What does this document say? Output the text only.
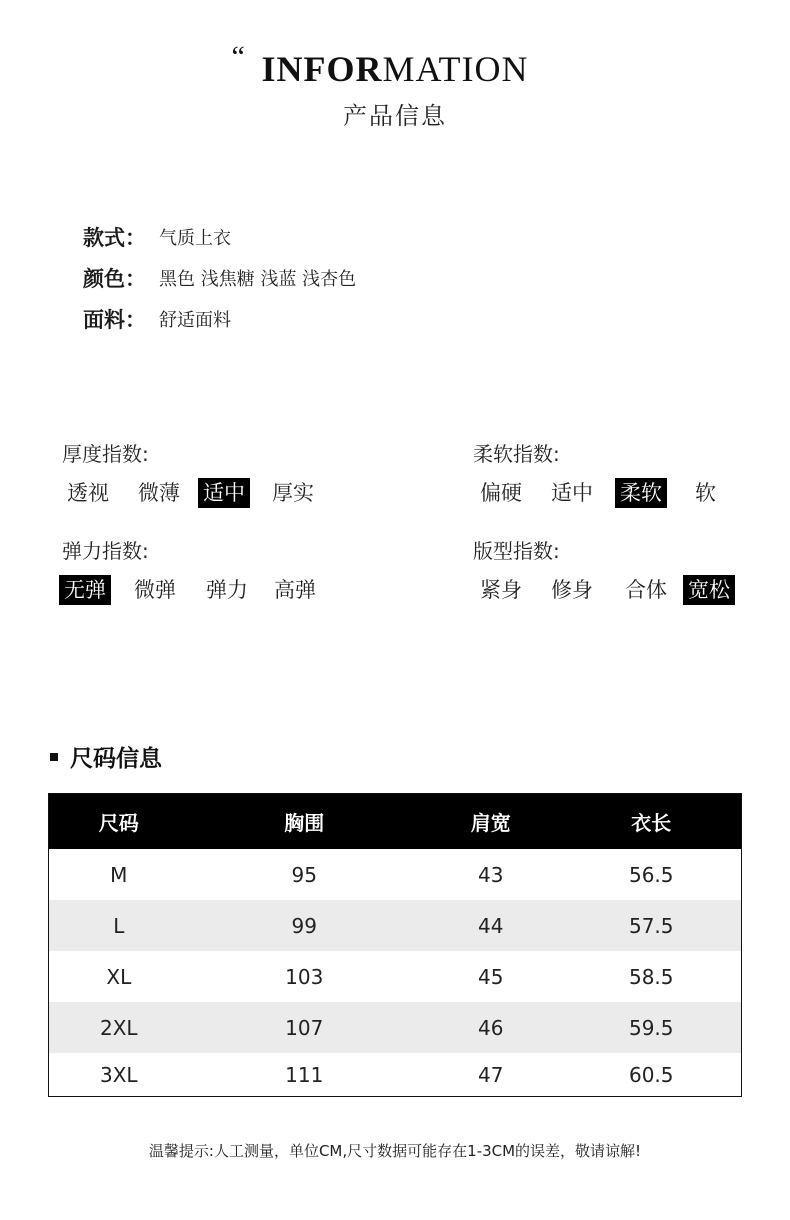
“ INFORMATION
产品信息
款式： 气质上衣
颜色： 黑色 浅焦糖 浅蓝 浅杏色
面料： 舒适面料
厚度指数:
透视 微薄 适中 厚实
柔软指数:
偏硬 适中 柔软 软
弹力指数:
无弹 微弹 弹力 高弹
版型指数:
紧身 修身 合体 宽松
尺码信息
尺码	胸围	肩宽	衣长
M	95	43	56.5
L	99	44	57.5
XL	103	45	58.5
2XL	107	46	59.5
3XL	111	47	60.5
温馨提示:人工测量，单位CM,尺寸数据可能存在1-3CM的误差，敬请谅解!
